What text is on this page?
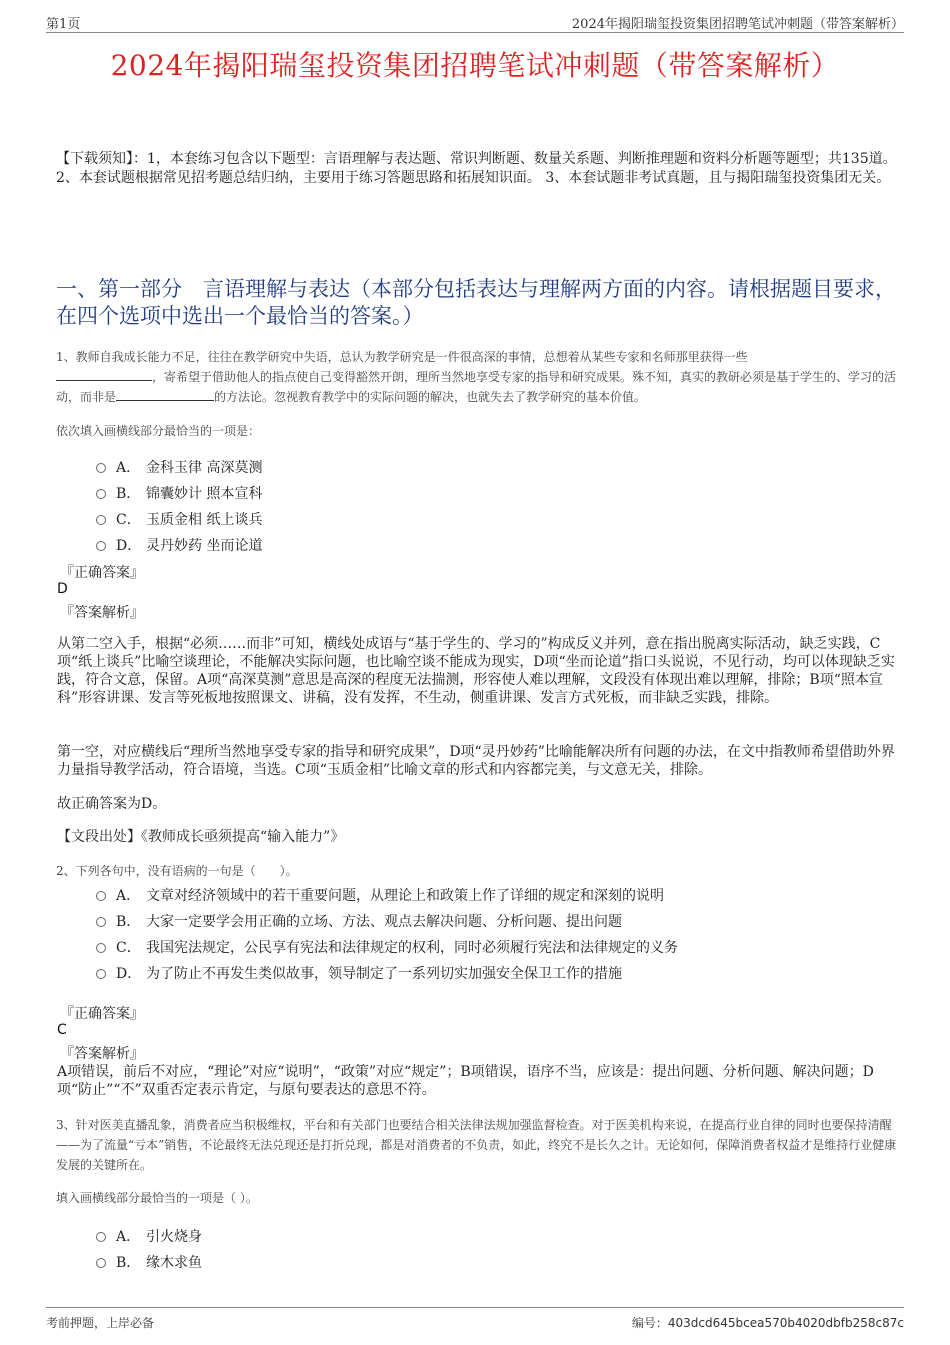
第1页	2024年揭阳瑞玺投资集团招聘笔试冲刺题（带答案解析）
2024年揭阳瑞玺投资集团招聘笔试冲刺题（带答案解析）
【下载须知】：1，本套练习包含以下题型：言语理解与表达题、常识判断题、数量关系题、判断推理题和资料分析题等题型；共135道。 2、本套试题根据常见招考题总结归纳，主要用于练习答题思路和拓展知识面。 3、本套试题非考试真题，且与揭阳瑞玺投资集团无关。
一、第一部分　言语理解与表达（本部分包括表达与理解两方面的内容。请根据题目要求，在四个选项中选出一个最恰当的答案。）
1、教师自我成长能力不足，往往在教学研究中失语，总认为教学研究是一件很高深的事情，总想着从某些专家和名师那里获得一些
，寄希望于借助他人的指点使自己变得豁然开朗，理所当然地享受专家的指导和研究成果。殊不知，真实的教研必须是基于学生的、学习的活动，而非是	的方法论。忽视教育教学中的实际问题的解决，也就失去了教学研究的基本价值。
依次填入画横线部分最恰当的一项是：
A． 金科玉律 高深莫测
B． 锦囊妙计 照本宣科
C． 玉质金相 纸上谈兵
D． 灵丹妙药 坐而论道
『正确答案』
D
『答案解析』
从第二空入手，根据“必须……而非”可知，横线处成语与“基于学生的、学习的”构成反义并列，意在指出脱离实际活动，缺乏实践，C项“纸上谈兵”比喻空谈理论，不能解决实际问题，也比喻空谈不能成为现实，D项“坐而论道”指口头说说，不见行动，均可以体现缺乏实践，符合文意，保留。A项“高深莫测”意思是高深的程度无法揣测，形容使人难以理解，文段没有体现出难以理解，排除；B项“照本宣科”形容讲课、发言等死板地按照课文、讲稿，没有发挥，不生动，侧重讲课、发言方式死板，而非缺乏实践，排除。
第一空，对应横线后“理所当然地享受专家的指导和研究成果”，D项“灵丹妙药”比喻能解决所有问题的办法，在文中指教师希望借助外界力量指导教学活动，符合语境，当选。C项“玉质金相”比喻文章的形式和内容都完美，与文意无关，排除。
故正确答案为D。
【文段出处】《教师成长亟须提高“输入能力”》
2、下列各句中，没有语病的一句是（　　）。
A． 文章对经济领域中的若干重要问题，从理论上和政策上作了详细的规定和深刻的说明
B． 大家一定要学会用正确的立场、方法、观点去解决问题、分析问题、提出问题
C． 我国宪法规定，公民享有宪法和法律规定的权利，同时必须履行宪法和法律规定的义务
D． 为了防止不再发生类似故事，领导制定了一系列切实加强安全保卫工作的措施
『正确答案』
C
『答案解析』
A项错误，前后不对应，“理论”对应“说明”，“政策”对应“规定”；B项错误，语序不当，应该是：提出问题、分析问题、解决问题；D项“防止”“不”双重否定表示肯定，与原句要表达的意思不符。
3、针对医美直播乱象，消费者应当积极维权，平台和有关部门也要结合相关法律法规加强监督检查。对于医美机构来说，在提高行业自律的同时也要保持清醒——为了流量“亏本”销售，不论最终无法兑现还是打折兑现，都是对消费者的不负责，如此，终究不是长久之计。无论如何，保障消费者权益才是维持行业健康发展的关键所在。
填入画横线部分最恰当的一项是（ ）。
A． 引火烧身
B． 缘木求鱼
考前押题，上岸必备	编号：403dcd645bcea570b4020dbfb258c87c
